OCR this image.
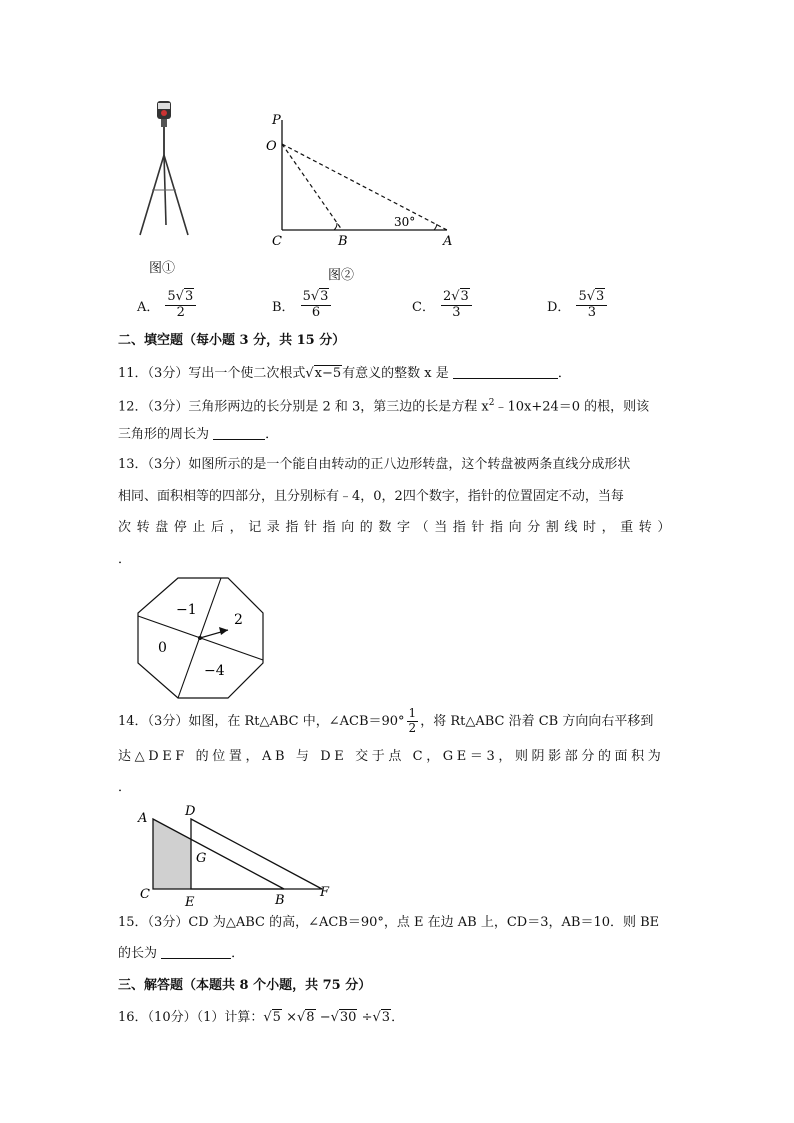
图①
P
O
C	B	A
30°
图②
A． $\frac{5√3}{2}$	B． $\frac{5√3}{6}$	C． $\frac{2√3}{3}$	D． $\frac{5√3}{3}$
二、填空题（每小题 3 分，共 15 分）
11．（3分）写出一个使二次根式√x−5有意义的整数 x 是	．
12．（3分）三角形两边的长分别是 2 和 3，第三边的长是方程 $x^2﹣10x+24=0$ 的根，则该
三角形的周长为	．
13．（3分）如图所示的是一个能自由转动的正八边形转盘，这个转盘被两条直线分成形状
相同、面积相等的四部分，且分别标有﹣4，0，2四个数字，指针的位置固定不动，当每
次转盘停止后，记录指针指向的数字（当指针指向分割线时，重转）
．
−1
2
0
−4
14．（3分）如图，在 Rt△ABC 中，∠ACB＝90° $\frac{1}{2}$ ，将 Rt△ABC 沿着 CB 方向向右平移到
达△DEF 的位置，AB 与 DE 交于点 C，GE＝3，则阴影部分的面积为
．
A	D
G
C
E	B
F
15．（3分）CD 为△ABC 的高，∠ACB＝90°，点 E 在边 AB 上，CD＝3，AB＝10．则 BE
的长为	．
三、解答题（本题共 8 个小题，共 75 分）
16．（10分）（1）计算：√5 ×√8 −√30 ÷√3．
